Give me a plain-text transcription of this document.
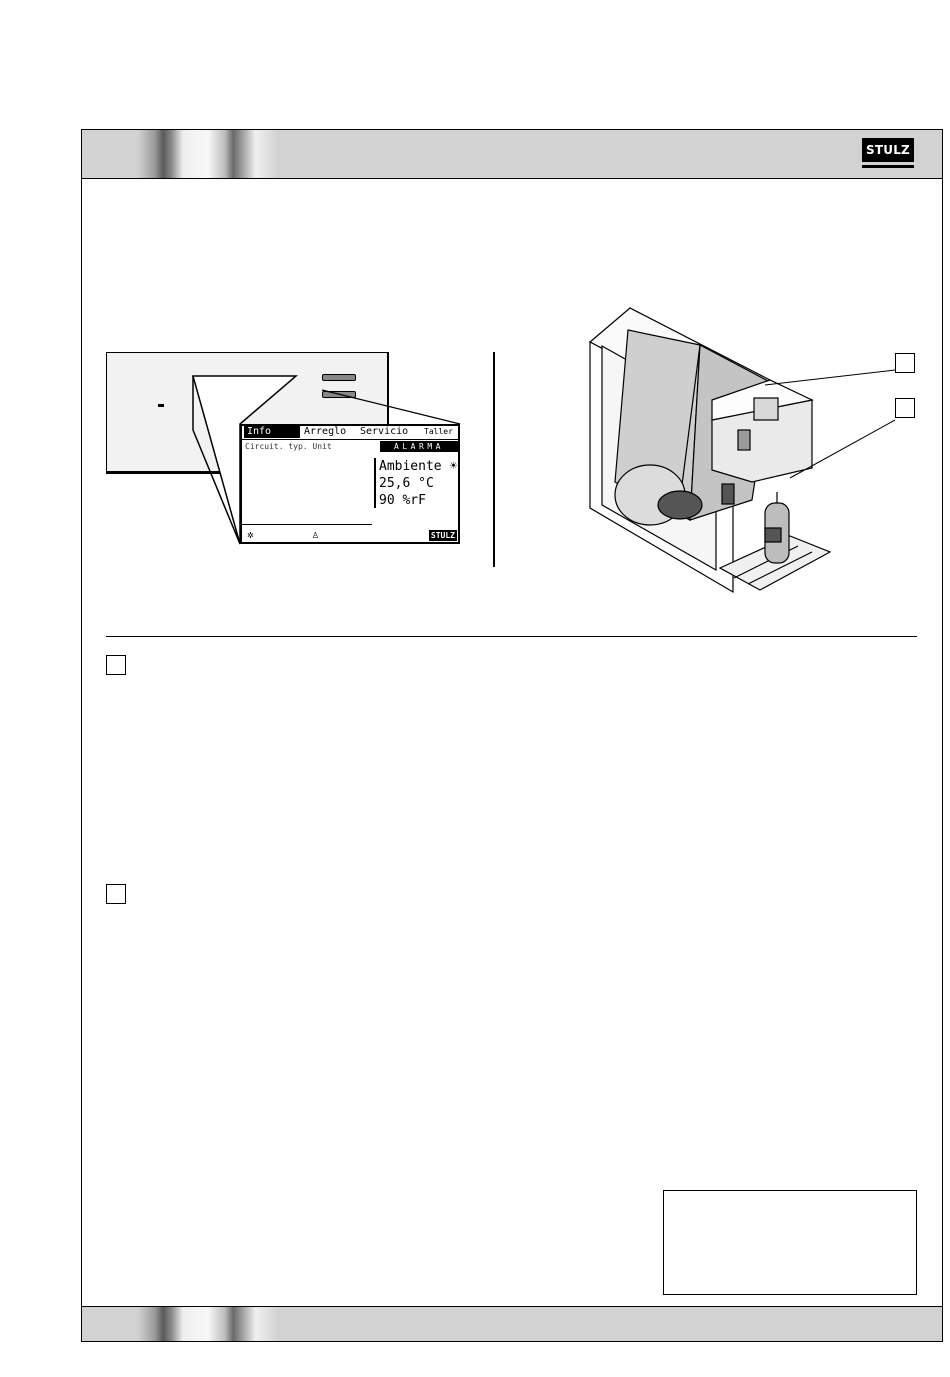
STULZ
Info	Arreglo Servicio Taller
Circuit. typ. Unit	ALARMA
Ambiente ☀
25,6 °C
90 %rF
✲	♙	STULZ
